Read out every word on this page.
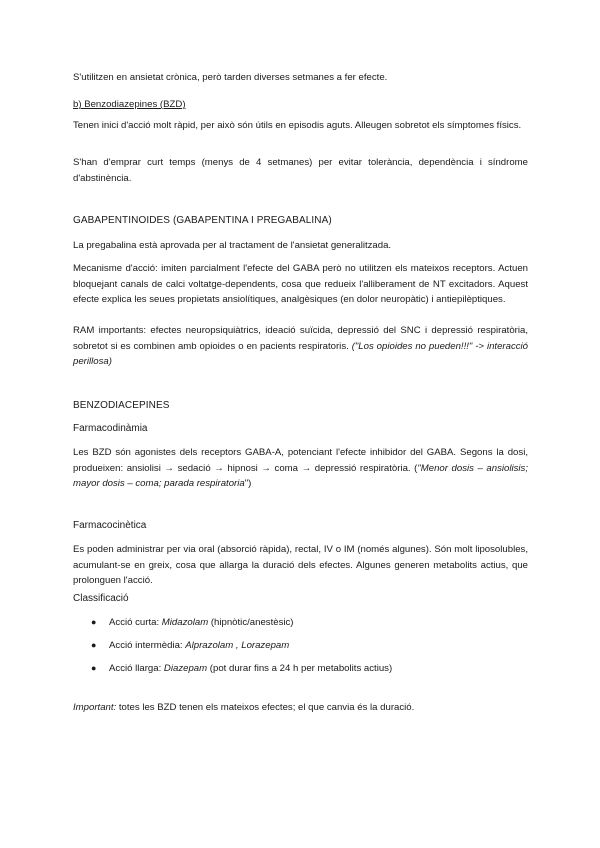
S'utilitzen en ansietat crònica, però tarden diverses setmanes a fer efecte.

b) Benzodiazepines (BZD)

Tenen inici d'acció molt ràpid, per això són útils en episodis aguts. Alleugen sobretot els símptomes físics.

S'han d'emprar curt temps (menys de 4 setmanes) per evitar tolerància, dependència i síndrome d'abstinència.

GABAPENTINOIDES (GABAPENTINA I PREGABALINA)

La pregabalina està aprovada per al tractament de l'ansietat generalitzada.

Mecanisme d'acció: imiten parcialment l'efecte del GABA però no utilitzen els mateixos receptors. Actuen bloquejant canals de calci voltatge-dependents, cosa que redueix l'alliberament de NT excitadors. Aquest efecte explica les seues propietats ansiolítiques, analgèsiques (en dolor neuropàtic) i antiepilèptiques.

RAM importants: efectes neuropsiquiàtrics, ideació suïcida, depressió del SNC i depressió respiratòria, sobretot si es combinen amb opioides o en pacients respiratoris. ("Los opioides no pueden!!!" -> interacció perillosa)

BENZODIACEPINES

Farmacodinàmia

Les BZD són agonistes dels receptors GABA-A, potenciant l'efecte inhibidor del GABA. Segons la dosi, produeixen: ansiolisi → sedació → hipnosi → coma → depressió respiratòria. ("Menor dosis – ansiolisis; mayor dosis – coma; parada respiratoria")

Farmacocinètica

Es poden administrar per via oral (absorció ràpida), rectal, IV o IM (només algunes). Són molt liposolubles, acumulant-se en greix, cosa que allarga la duració dels efectes. Algunes generen metabolits actius, que prolonguen l'acció.

Classificació

● Acció curta: Midazolam (hipnòtic/anestèsic)
● Acció intermèdia: Alprazolam , Lorazepam
● Acció llarga: Diazepam (pot durar fins a 24 h per metabolits actius)

Important: totes les BZD tenen els mateixos efectes; el que canvia és la duració.
